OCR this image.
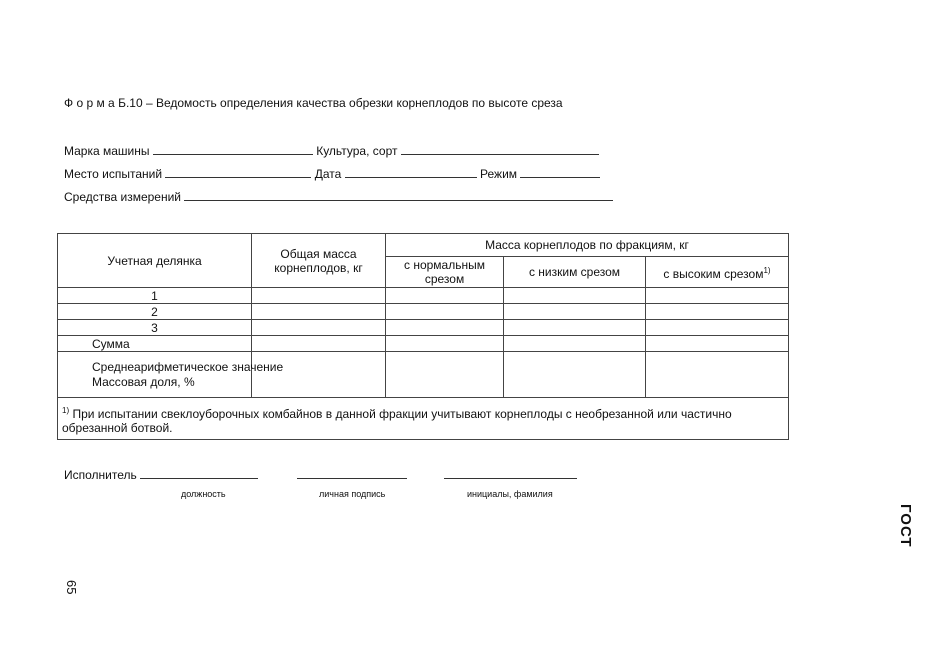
Ф о р м а Б.10 – Ведомость определения качества обрезки корнеплодов по высоте среза
Марка машины	Культура, сорт
Место испытаний	Дата	Режим
Средства измерений
Учетная делянка	Общая масса корнеплодов, кг	Масса корнеплодов по фракциям, кг		
		с нормальным срезом	с низким срезом	с высоким срезом$^{1)}$
1				
2				
3				
Сумма				

Среднеарифметическое значение
Массовая доля, %				

$^{1)}$ При испытании свеклоуборочных комбайнов в данной фракции учитывают корнеплоды с необрезанной или частично обрезанной ботвой.				
Исполнитель
должность	личная подпись	инициалы, фамилия
ГОСТ
65
